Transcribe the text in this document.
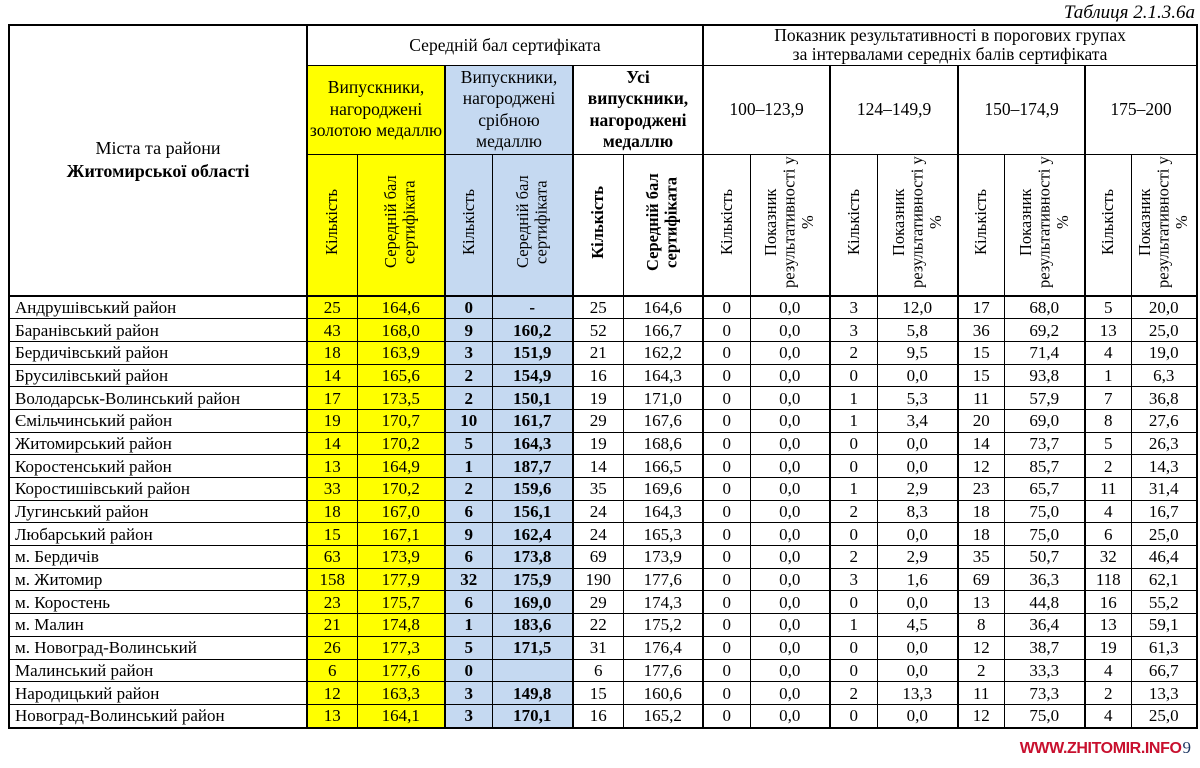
Таблиця 2.1.3.6а
Міста та райони
Житомирської області
	Середній бал сертифіката	Показник результативності в порогових групах
за інтервалами середніх балів сертифіката

	Випускники, нагороджені золотою медаллю		Випускники, нагороджені срібною медаллю		Усі випускники, нагороджені медаллю		100–123,9		124–149,9		150–174,9		175–200	
	Кількість	Середній бал сертифіката	Кількість	Середній бал сертифіката	Кількість	Середній бал сертифіката	Кількість	Показник результативності у %	Кількість	Показник результативності у %	Кількість	Показник результативності у %	Кількість	Показник результативності у %
Андрушівський район	25	164,6	0	-	25	164,6	0	0,0	3	12,0	17	68,0	5	20,0
Баранівський район	43	168,0	9	160,2	52	166,7	0	0,0	3	5,8	36	69,2	13	25,0
Бердичівський район	18	163,9	3	151,9	21	162,2	0	0,0	2	9,5	15	71,4	4	19,0
Брусилівський район	14	165,6	2	154,9	16	164,3	0	0,0	0	0,0	15	93,8	1	6,3
Володарськ-Волинський район	17	173,5	2	150,1	19	171,0	0	0,0	1	5,3	11	57,9	7	36,8
Ємільчинський район	19	170,7	10	161,7	29	167,6	0	0,0	1	3,4	20	69,0	8	27,6
Житомирський район	14	170,2	5	164,3	19	168,6	0	0,0	0	0,0	14	73,7	5	26,3
Коростенський район	13	164,9	1	187,7	14	166,5	0	0,0	0	0,0	12	85,7	2	14,3
Коростишівський район	33	170,2	2	159,6	35	169,6	0	0,0	1	2,9	23	65,7	11	31,4
Лугинський район	18	167,0	6	156,1	24	164,3	0	0,0	2	8,3	18	75,0	4	16,7
Любарський район	15	167,1	9	162,4	24	165,3	0	0,0	0	0,0	18	75,0	6	25,0
м. Бердичів	63	173,9	6	173,8	69	173,9	0	0,0	2	2,9	35	50,7	32	46,4
м. Житомир	158	177,9	32	175,9	190	177,6	0	0,0	3	1,6	69	36,3	118	62,1
м. Коростень	23	175,7	6	169,0	29	174,3	0	0,0	0	0,0	13	44,8	16	55,2
м. Малин	21	174,8	1	183,6	22	175,2	0	0,0	1	4,5	8	36,4	13	59,1
м. Новоград-Волинський	26	177,3	5	171,5	31	176,4	0	0,0	0	0,0	12	38,7	19	61,3
Малинський район	6	177,6	0		6	177,6	0	0,0	0	0,0	2	33,3	4	66,7
Народицький район	12	163,3	3	149,8	15	160,6	0	0,0	2	13,3	11	73,3	2	13,3
Новоград-Волинський район	13	164,1	3	170,1	16	165,2	0	0,0	0	0,0	12	75,0	4	25,0
WWW.ZHITOMIR.INFO9
